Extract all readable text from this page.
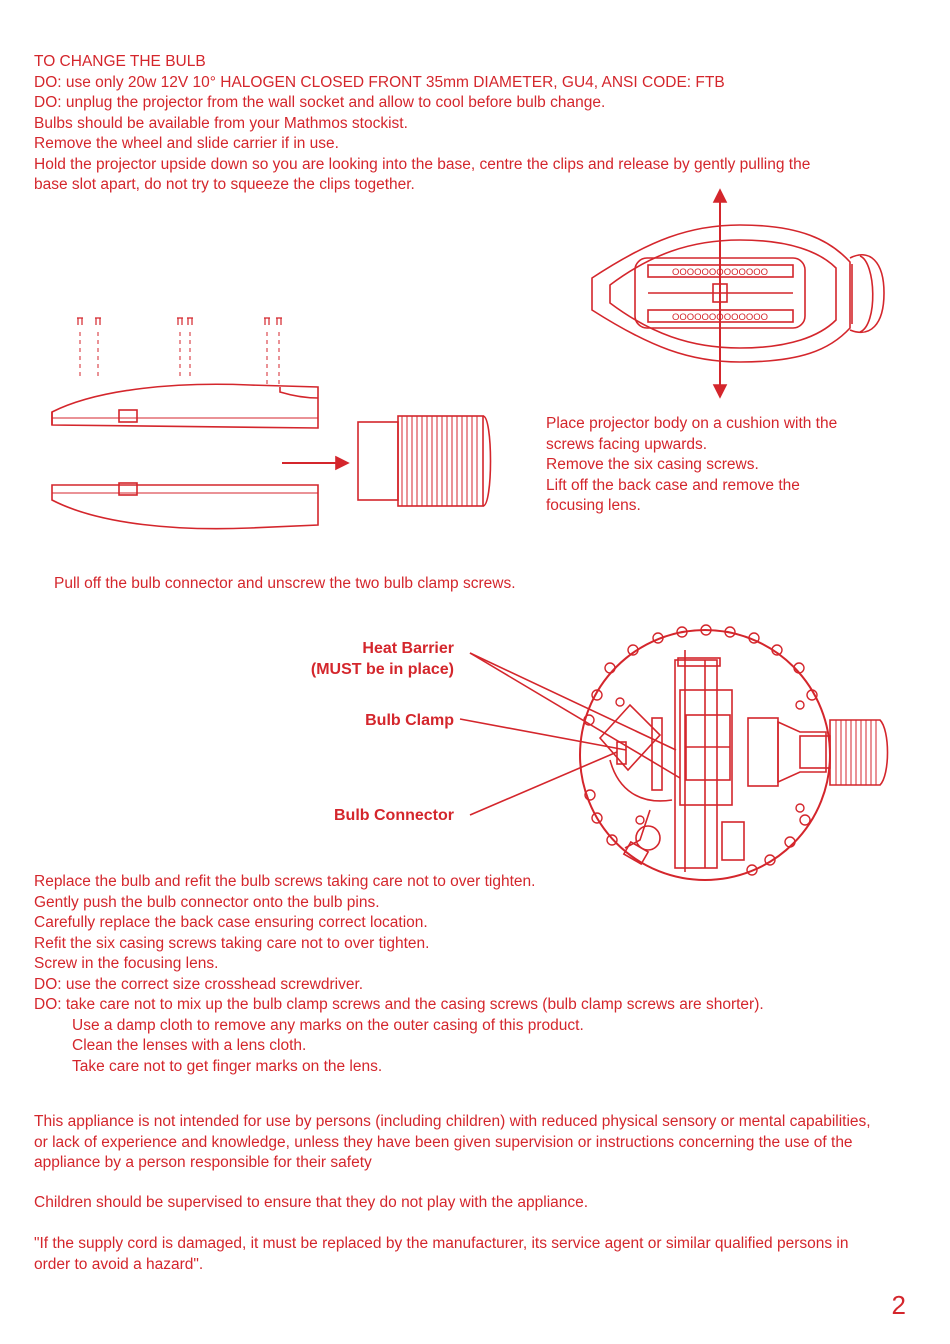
TO CHANGE THE BULB
DO: use only 20w 12V 10° HALOGEN CLOSED FRONT 35mm DIAMETER, GU4, ANSI CODE: FTB
DO: unplug the projector from the wall socket and allow to cool before bulb change.
Bulbs should be available from your Mathmos stockist.
Remove the wheel and slide carrier if in use.
Hold the projector upside down so you are looking into the base, centre the clips and release by gently pulling the
base slot apart, do not try to squeeze the clips together.
OOOOOOOOOOOOO
OOOOOOOOOOOOO
Place projector body on a cushion with the
screws facing upwards.
Remove the six casing screws.
Lift off the back case and remove the
focusing lens.
Pull off the bulb connector and unscrew the two bulb clamp screws.
Heat Barrier
(MUST be in place)
Bulb Clamp
Bulb Connector
Replace the bulb and refit the bulb screws taking care not to over tighten.
Gently push the bulb connector onto the bulb pins.
Carefully replace the back case ensuring correct location.
Refit the six casing screws taking care not to over tighten.
Screw in the focusing lens.
DO: use the correct size crosshead screwdriver.
DO: take care not to mix up the bulb clamp screws and the casing screws (bulb clamp screws are shorter).
Use a damp cloth to remove any marks on the outer casing of this product.
Clean the lenses with a lens cloth.
Take care not to get finger marks on the lens.
This appliance is not intended for use by persons (including children) with reduced physical sensory or mental capabilities, or lack of experience and knowledge, unless they have been given supervision or instructions concerning the use of the appliance by a person responsible for their safety
Children should be supervised to ensure that they do not play with the appliance.
"If the supply cord is damaged, it must be replaced by the manufacturer, its service agent or similar qualified persons in order to avoid a hazard".
2
